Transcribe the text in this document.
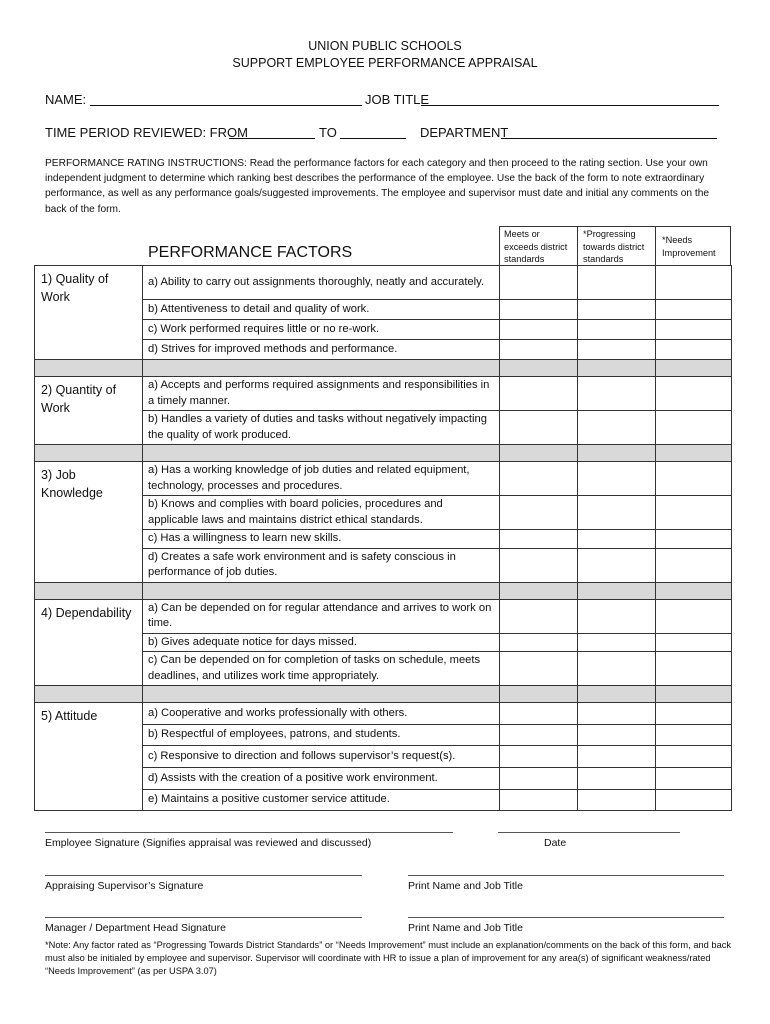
UNION PUBLIC SCHOOLS
SUPPORT EMPLOYEE PERFORMANCE APPRAISAL
NAME:	JOB TITLE
TIME PERIOD REVIEWED: FROM	TO	DEPARTMENT
PERFORMANCE RATING INSTRUCTIONS: Read the performance factors for each category and then proceed to the rating section. Use your own independent judgment to determine which ranking best describes the performance of the employee. Use the back of the form to note extraordinary performance, as well as any performance goals/suggested improvements. The employee and supervisor must date and initial any comments on the back of the form.
PERFORMANCE FACTORS
Meets or exceeds district standards
*Progressing towards district standards
*Needs Improvement
1) Quality of Work	a) Ability to carry out assignments thoroughly, neatly and accurately.			
	b) Attentiveness to detail and quality of work.			
	c) Work performed requires little or no re-work.			
	d) Strives for improved methods and performance.			

2) Quantity of Work	a) Accepts and performs required assignments and responsibilities in a timely manner.			
	b) Handles a variety of duties and tasks without negatively impacting the quality of work produced.			

3) Job Knowledge	a) Has a working knowledge of job duties and related equipment, technology, processes and procedures.			
	b) Knows and complies with board policies, procedures and applicable laws and maintains district ethical standards.			
	c) Has a willingness to learn new skills.			
	d) Creates a safe work environment and is safety conscious in performance of job duties.			

4) Dependability	a) Can be depended on for regular attendance and arrives to work on time.			
	b) Gives adequate notice for days missed.			
	c) Can be depended on for completion of tasks on schedule, meets deadlines, and utilizes work time appropriately.			

5) Attitude	a) Cooperative and works professionally with others.			
	b) Respectful of employees, patrons, and students.			
	c) Responsive to direction and follows supervisor’s request(s).			
	d) Assists with the creation of a positive work environment.			
	e) Maintains a positive customer service attitude.			
Employee Signature (Signifies appraisal was reviewed and discussed)	Date
Appraising Supervisor’s Signature	Print Name and Job Title
Manager / Department Head Signature	Print Name and Job Title
*Note: Any factor rated as “Progressing Towards District Standards” or “Needs Improvement” must include an explanation/comments on the back of this form, and back must also be initialed by employee and supervisor. Supervisor will coordinate with HR to issue a plan of improvement for any area(s) of significant weakness/rated “Needs Improvement” (as per USPA 3.07)
